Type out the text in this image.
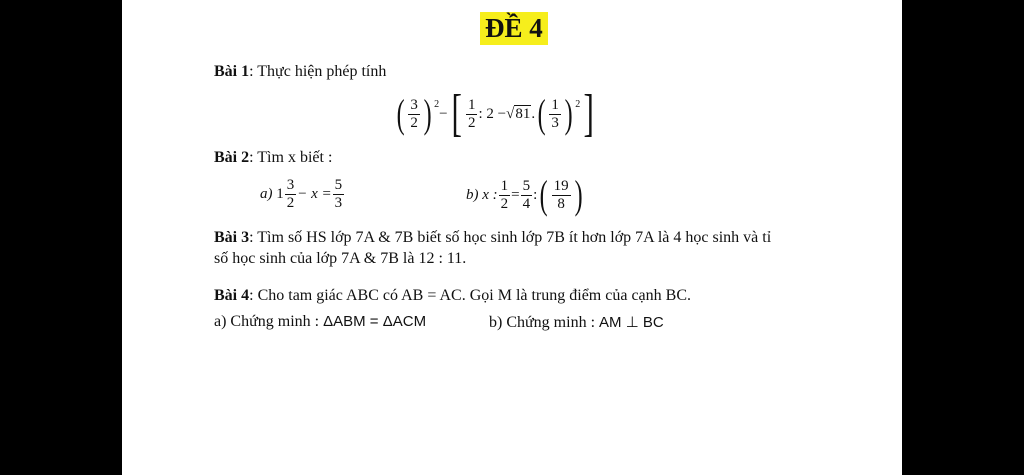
ĐỀ 4
Bài 1: Thực hiện phép tính
( $\frac{3}{2}$ ) 2
− [ $\frac{1}{2}$ : 2 − √ 81 . ( $\frac{1}{3}$ ) 2 ]
Bài 2: Tìm x biết :
a)
$1 \frac{3}{2} - x = \frac{5}{3}$	b)
x : $\frac{1}{2} = \frac{5}{4}$ : ( $\frac{19}{8}$ )
Bài 3: Tìm số HS lớp 7A & 7B biết số học sinh lớp 7B ít hơn lớp 7A là 4 học sinh và tỉ
số học sinh của lớp 7A & 7B là 12 : 11.
Bài 4: Cho tam giác ABC có AB = AC. Gọi M là trung điểm của cạnh BC.
a) Chứng minh : ΔABM = ΔACM	b) Chứng minh : AM ⊥ BC
